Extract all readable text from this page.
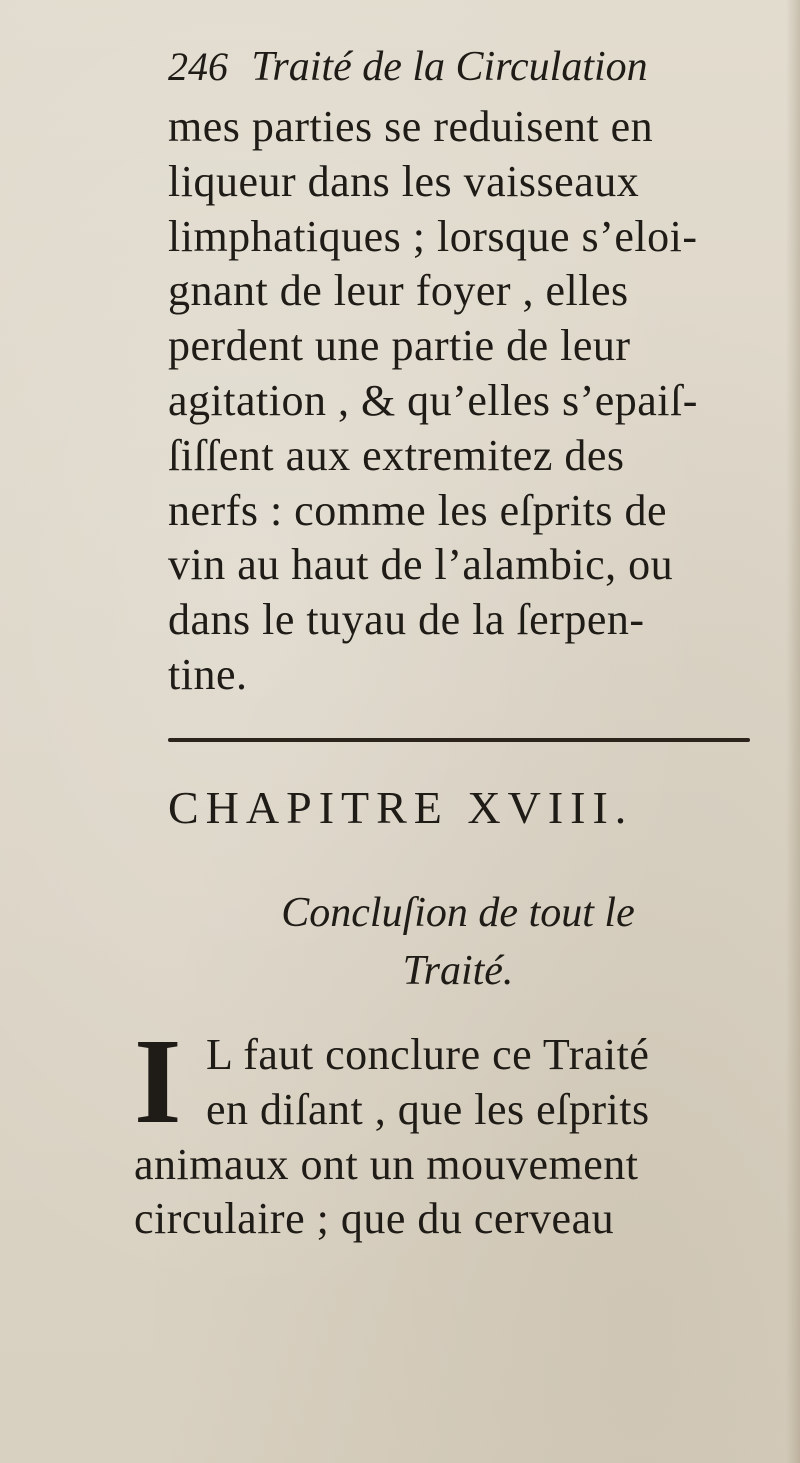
246 Traité de la Circulation
mes parties se reduisent en
liqueur dans les vaisseaux
limphatiques ; lorsque s’eloi-
gnant de leur foyer , elles
perdent une partie de leur
agitation , & qu’elles s’epaiſ-
ſiſſent aux extremitez des
nerfs : comme les eſprits de
vin au haut de l’alambic, ou
dans le tuyau de la ſerpen-
tine.
CHAPITRE XVIII.
Concluſion de tout le
Traité.
I L faut conclure ce Traité
en diſant , que les eſprits
animaux ont un mouvement
circulaire ; que du cerveau
